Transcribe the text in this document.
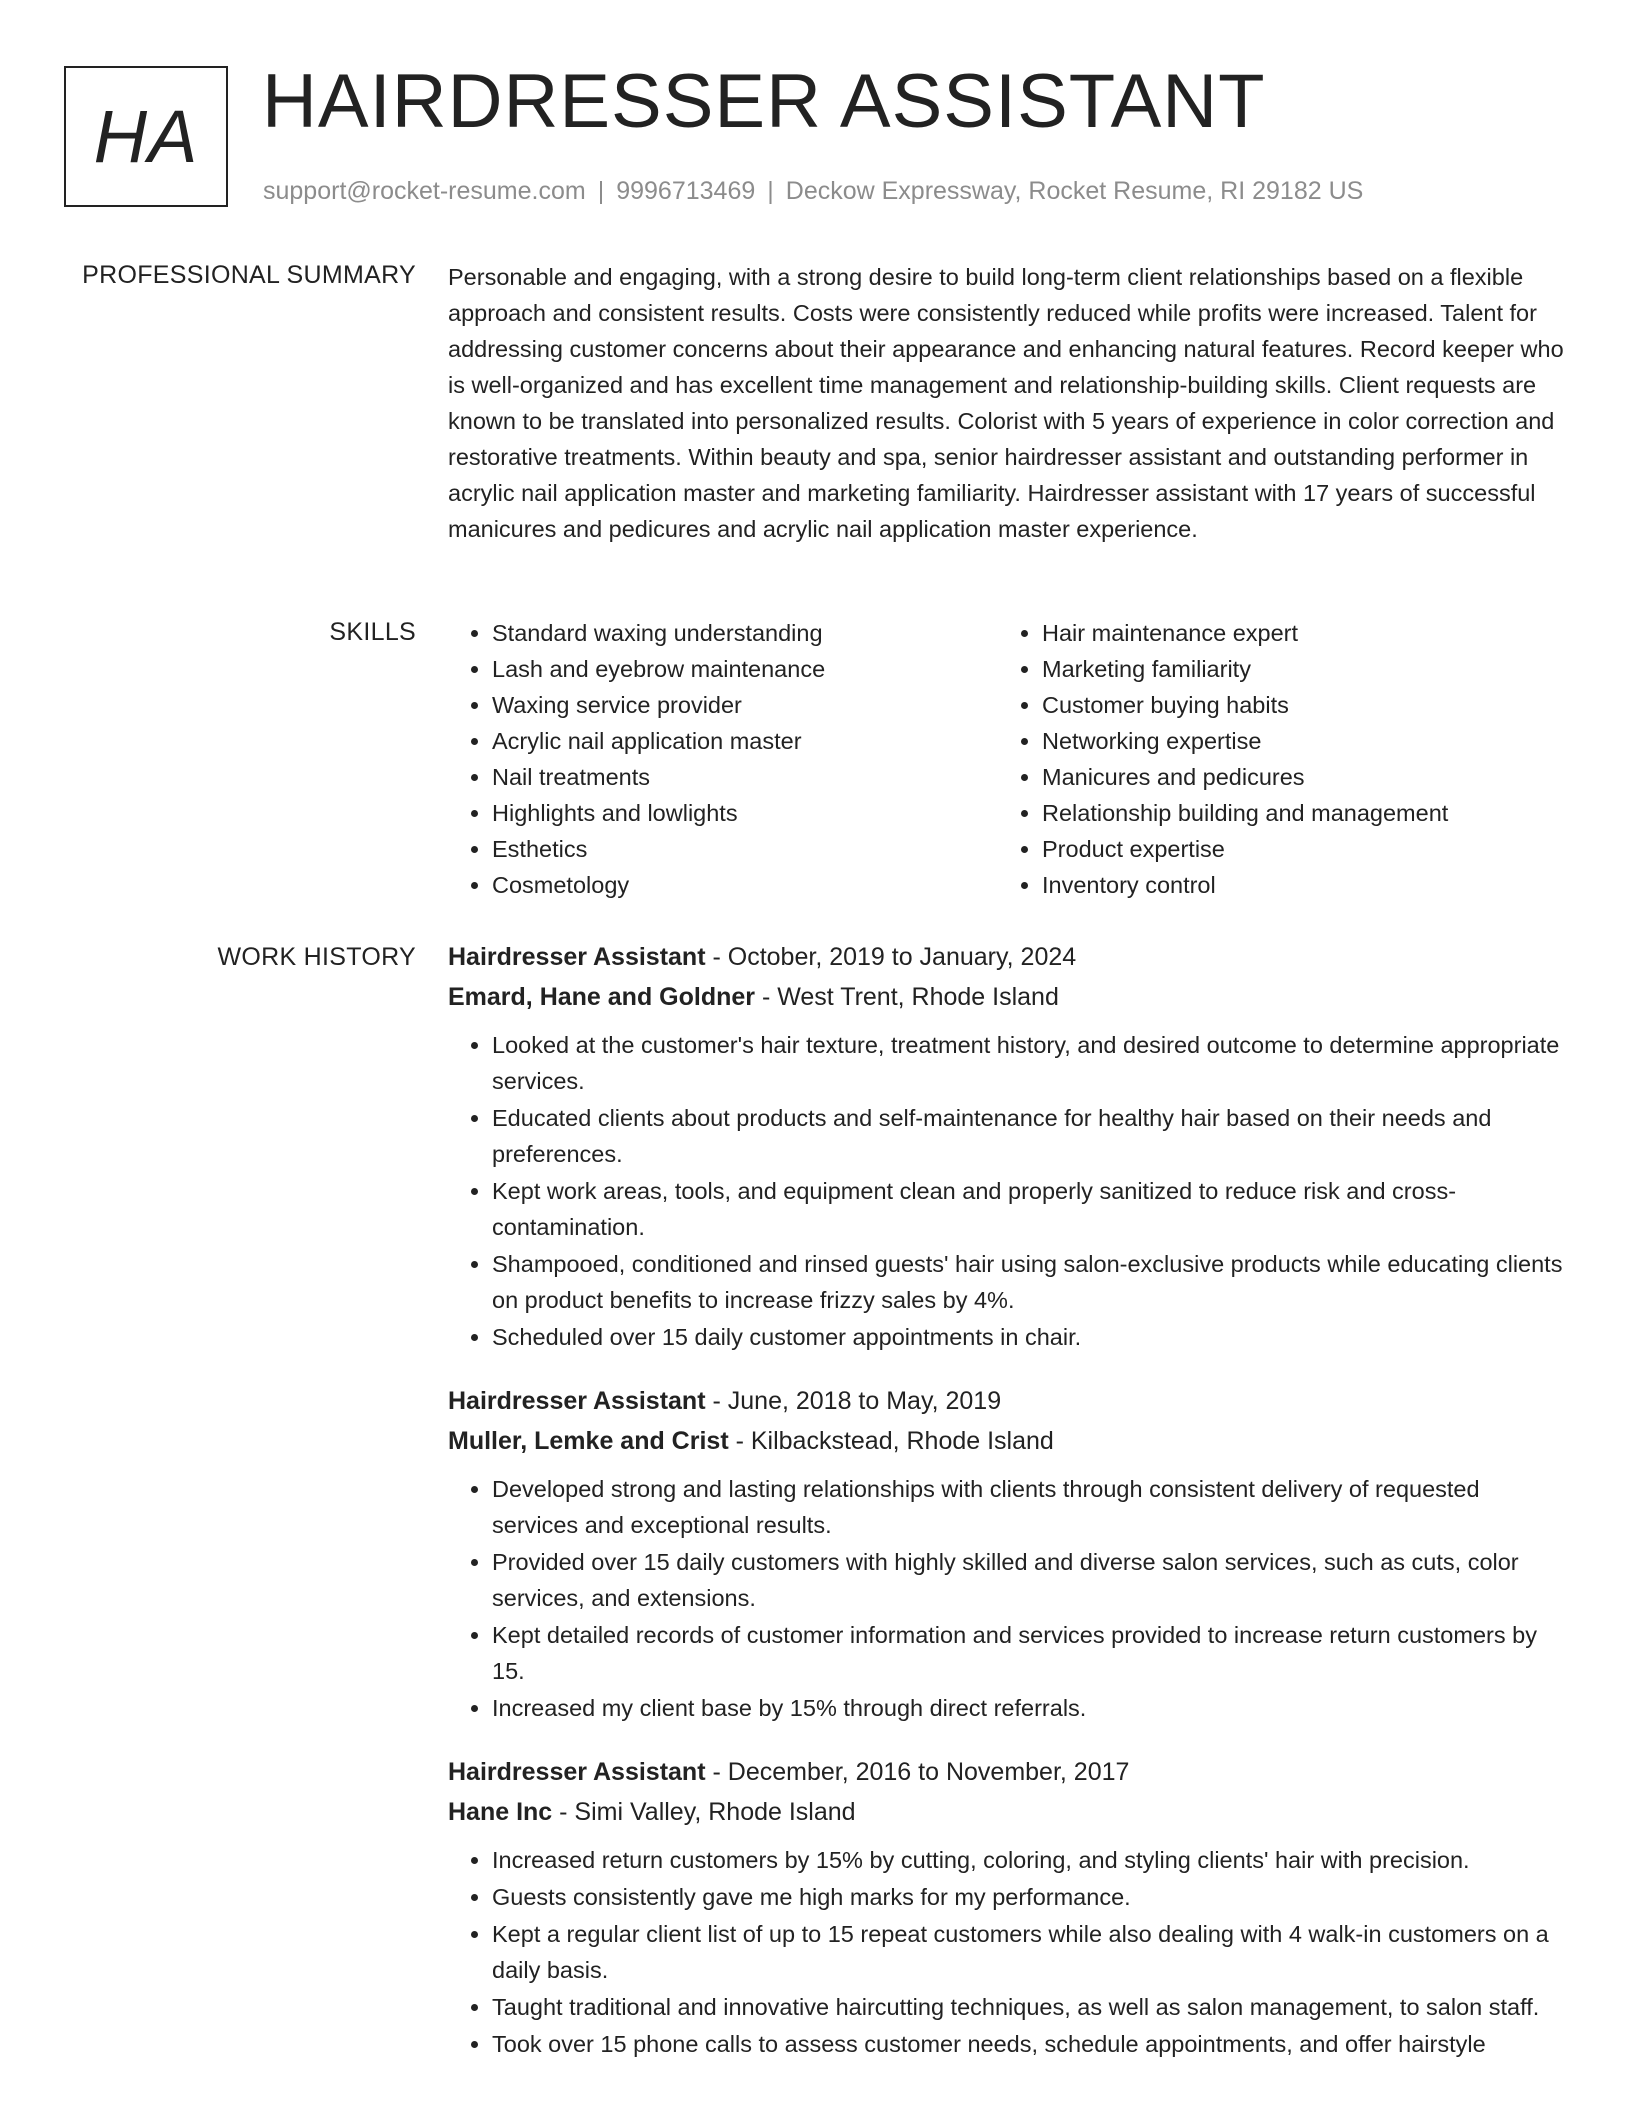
HA HAIRDRESSER ASSISTANT
support@rocket-resume.com | 9996713469 | Deckow Expressway, Rocket Resume, RI 29182 US
PROFESSIONAL SUMMARY Personable and engaging, with a strong desire to build long-term client relationships based on a flexible approach and consistent results. Costs were consistently reduced while profits were increased. Talent for addressing customer concerns about their appearance and enhancing natural features. Record keeper who is well-organized and has excellent time management and relationship-building skills. Client requests are known to be translated into personalized results. Colorist with 5 years of experience in color correction and restorative treatments. Within beauty and spa, senior hairdresser assistant and outstanding performer in acrylic nail application master and marketing familiarity. Hairdresser assistant with 17 years of successful manicures and pedicures and acrylic nail application master experience.

SKILLS
•	Standard waxing understanding
• Lash and eyebrow maintenance
• Waxing service provider
• Acrylic nail application master
• Nail treatments
• Highlights and lowlights
• Esthetics
• Cosmetology
• Hair maintenance expert
• Marketing familiarity
• Customer buying habits
• Networking expertise
• Manicures and pedicures
• Relationship building and management
• Product expertise
• Inventory control
WORK HISTORY Hairdresser Assistant - October, 2019 to January, 2024
Emard, Hane and Goldner - West Trent, Rhode Island
• Looked at the customer's hair texture, treatment history, and desired outcome to determine appropriate services.
• Educated clients about products and self-maintenance for healthy hair based on their needs and preferences.
• Kept work areas, tools, and equipment clean and properly sanitized to reduce risk and cross-contamination.
• Shampooed, conditioned and rinsed guests' hair using salon-exclusive products while educating clients on product benefits to increase frizzy sales by 4%.
• Scheduled over 15 daily customer appointments in chair.
Hairdresser Assistant - June, 2018 to May, 2019
Muller, Lemke and Crist - Kilbackstead, Rhode Island
• Developed strong and lasting relationships with clients through consistent delivery of requested services and exceptional results.
• Provided over 15 daily customers with highly skilled and diverse salon services, such as cuts, color services, and extensions.
• Kept detailed records of customer information and services provided to increase return customers by 15.
• Increased my client base by 15% through direct referrals.
Hairdresser Assistant - December, 2016 to November, 2017
Hane Inc - Simi Valley, Rhode Island
• Increased return customers by 15% by cutting, coloring, and styling clients' hair with precision.
• Guests consistently gave me high marks for my performance.
• Kept a regular client list of up to 15 repeat customers while also dealing with 4 walk-in customers on a daily basis.
• Taught traditional and innovative haircutting techniques, as well as salon management, to salon staff.
• Took over 15 phone calls to assess customer needs, schedule appointments, and offer hairstyle
